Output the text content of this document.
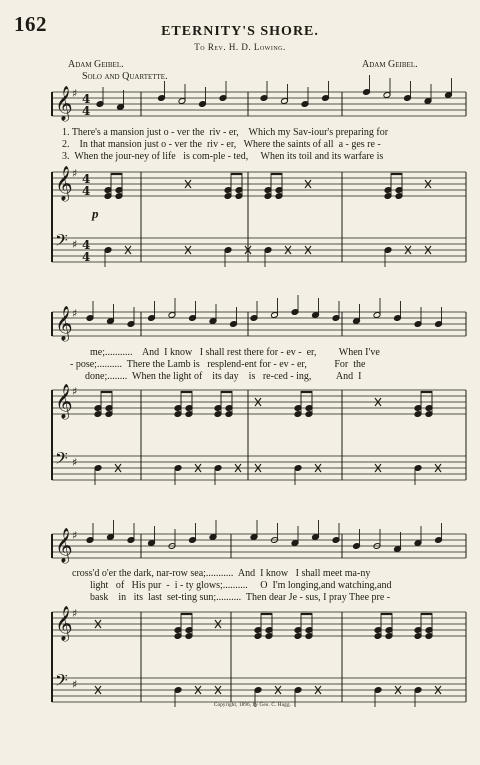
162	ETERNITY'S SHORE.
To Rev. H. D. Lowing.
Adam Geibel.	Adam Geibel.
Solo and Quartette.
p
1. There's a mansion just o - ver the  riv - er,    Which my Sav-iour's preparing for
2.    In that mansion just o - ver the  riv - er,   Where the saints of all  a - ges re -
3.  When the jour-ney of life   is com-ple - ted,     When its toil and its warfare is
me;...........    And  I know   I shall rest there for - ev -  er,         When I've
- pose;..........  There the Lamb is   resplend-ent for - ev - er,           For  the
done;........  When the light of    its day    is   re-ced - ing,          And  I
cross'd o'er the dark, nar-row sea;...........  And  I know   I shall meet ma-ny
light   of   His pur  -  i - ty glows;..........     O  I'm longing,and watching,and
bask    in   its  last  set-ting sun;..........  Then dear Je - sus, I pray Thee pre -
Copyright, 1896, by Geo. C. Hugg.
𝄞 ♯ 4
4
𝄞 ♯ 4
4
𝄢 ♯ 4
4
𝄞 ♯
𝄞 ♯
𝄢 ♯
𝄞 ♯
𝄞 ♯
𝄢 ♯
